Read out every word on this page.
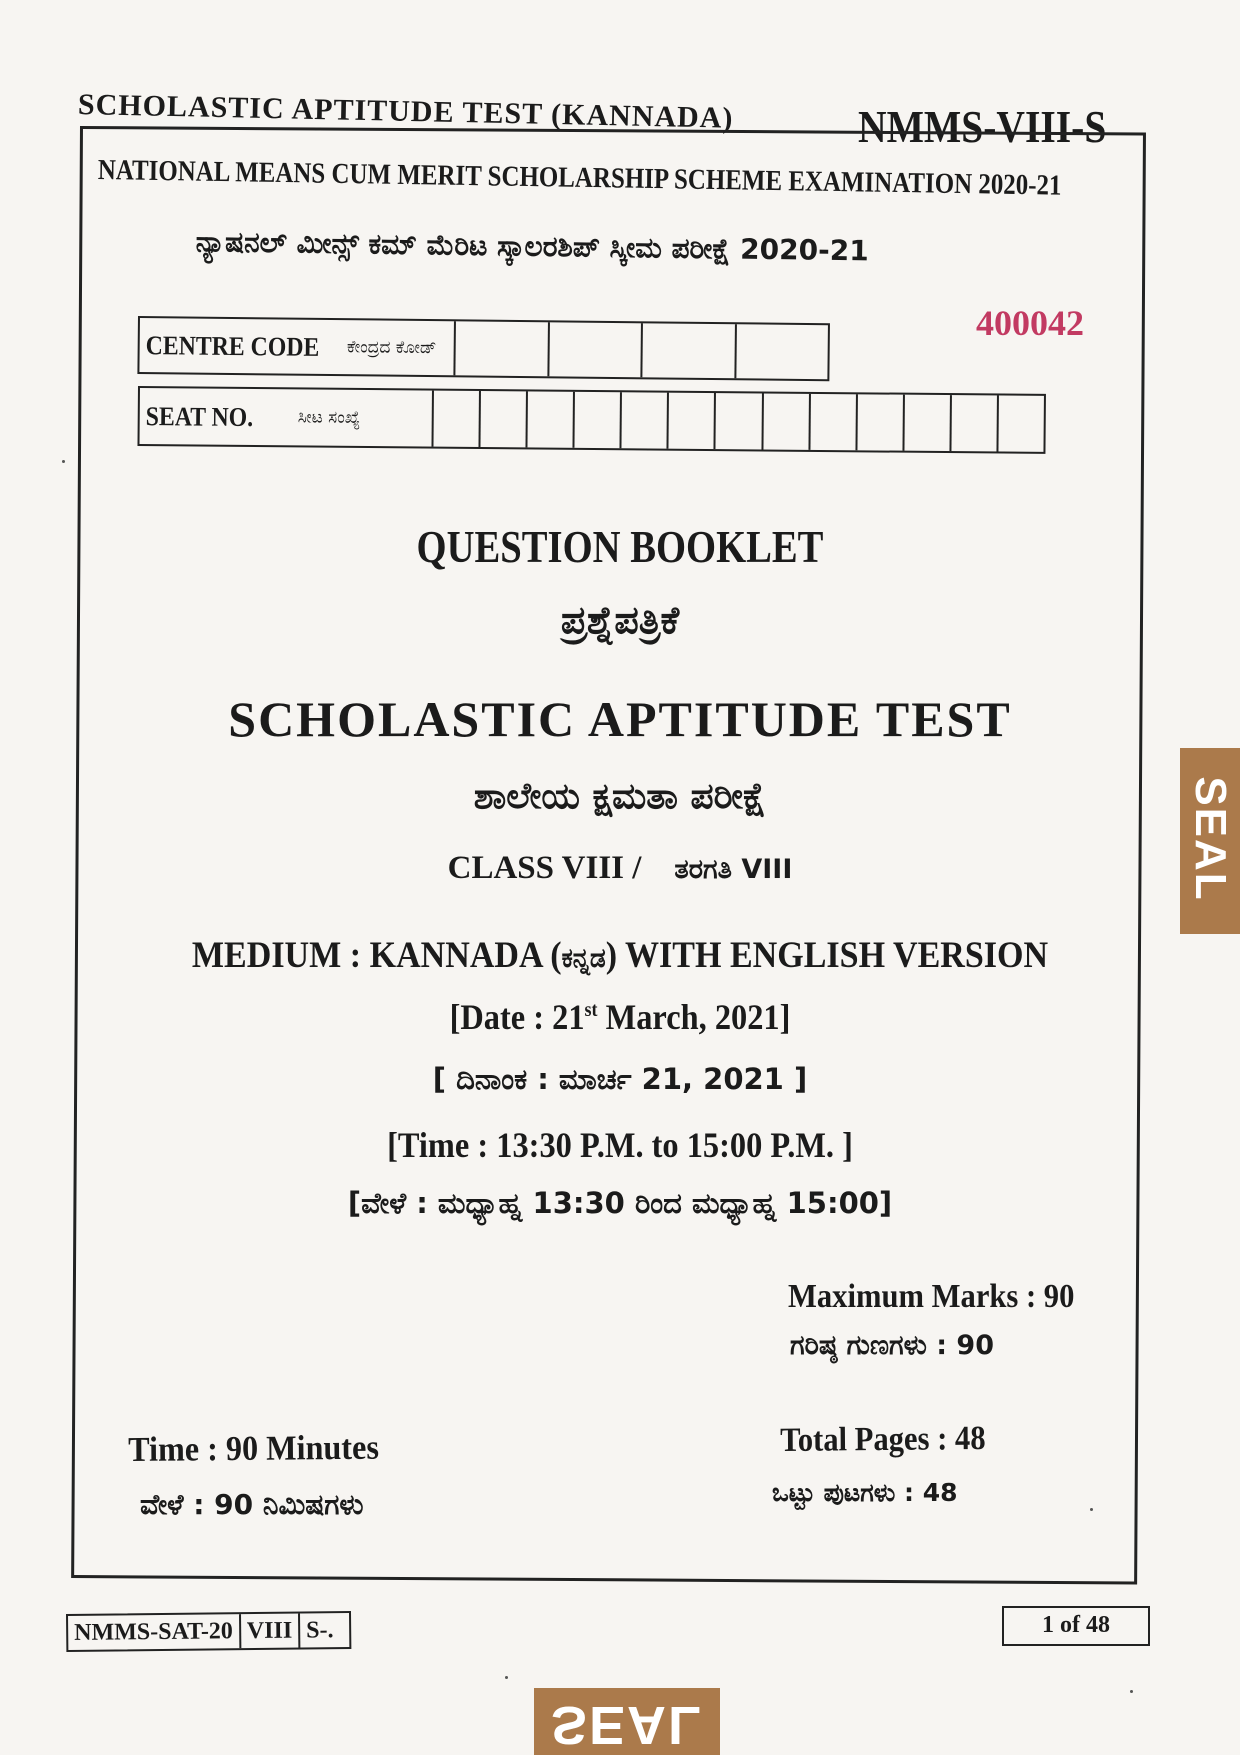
SCHOLASTIC APTITUDE TEST (KANNADA)	NMMS-VIII-S
NATIONAL MEANS CUM MERIT SCHOLARSHIP SCHEME EXAMINATION 2020-21
ನ್ಯಾಷನಲ್ ಮೀನ್ಸ್ ಕಮ್ ಮೆರಿಟ ಸ್ಕಾಲರಶಿಪ್ ಸ್ಕೀಮ ಪರೀಕ್ಷೆ 2020-21
400042
CENTRE CODE ಕೇಂದ್ರದ ಕೋಡ್
SEAT NO.	ಸೀಟ ಸಂಖ್ಯೆ
QUESTION BOOKLET
ಪ್ರಶ್ನೆಪತ್ರಿಕೆ
SCHOLASTIC APTITUDE TEST
ಶಾಲೇಯ ಕ್ಷಮತಾ ಪರೀಕ್ಷೆ
CLASS VIII / ತರಗತಿ VIII
MEDIUM : KANNADA (ಕನ್ನಡ) WITH ENGLISH VERSION
[Date : 21st March, 2021]
[ ದಿನಾಂಕ : ಮಾರ್ಚ 21, 2021 ]
[Time : 13:30 P.M. to 15:00 P.M. ]
[ವೇಳೆ : ಮಧ್ಯಾಹ್ನ 13:30 ರಿಂದ ಮಧ್ಯಾಹ್ನ 15:00]
Maximum Marks : 90
ಗರಿಷ್ಠ ಗುಣಗಳು : 90
Total Pages : 48
ಒಟ್ಟು ಪುಟಗಳು : 48
Time : 90 Minutes
ವೇಳೆ : 90 ನಿಮಿಷಗಳು
NMMS-SAT-20 VIII S-.	1 of 48
SEAL
SEAL
